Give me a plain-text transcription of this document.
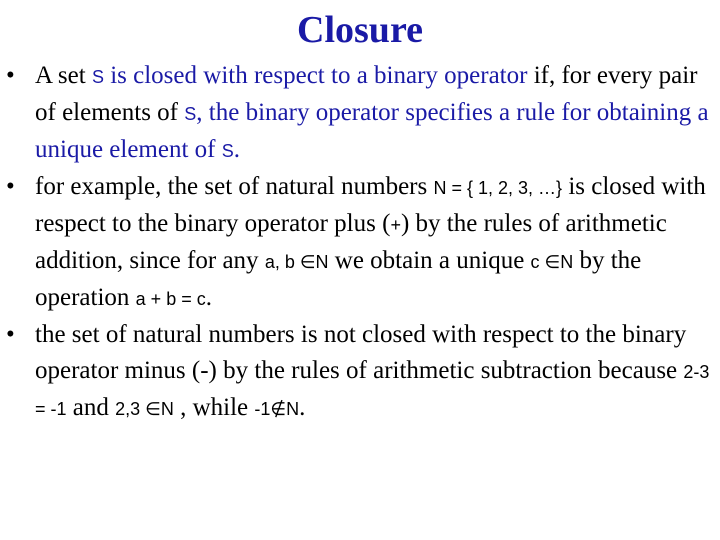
Closure

• A set S is closed with respect to a binary operator if, for every pair of elements of S, the binary operator specifies a rule for obtaining a unique element of S.

• for example, the set of natural numbers N = { 1, 2, 3, …} is closed with respect to the binary operator plus (+) by the rules of arithmetic addition, since for any a, b ∈N we obtain a unique c ∈N by the operation a + b = c.

• the set of natural numbers is not closed with respect to the binary operator minus (-) by the rules of arithmetic subtraction because 2-3 = -1 and 2,3 ∈N , while -1∉N.
